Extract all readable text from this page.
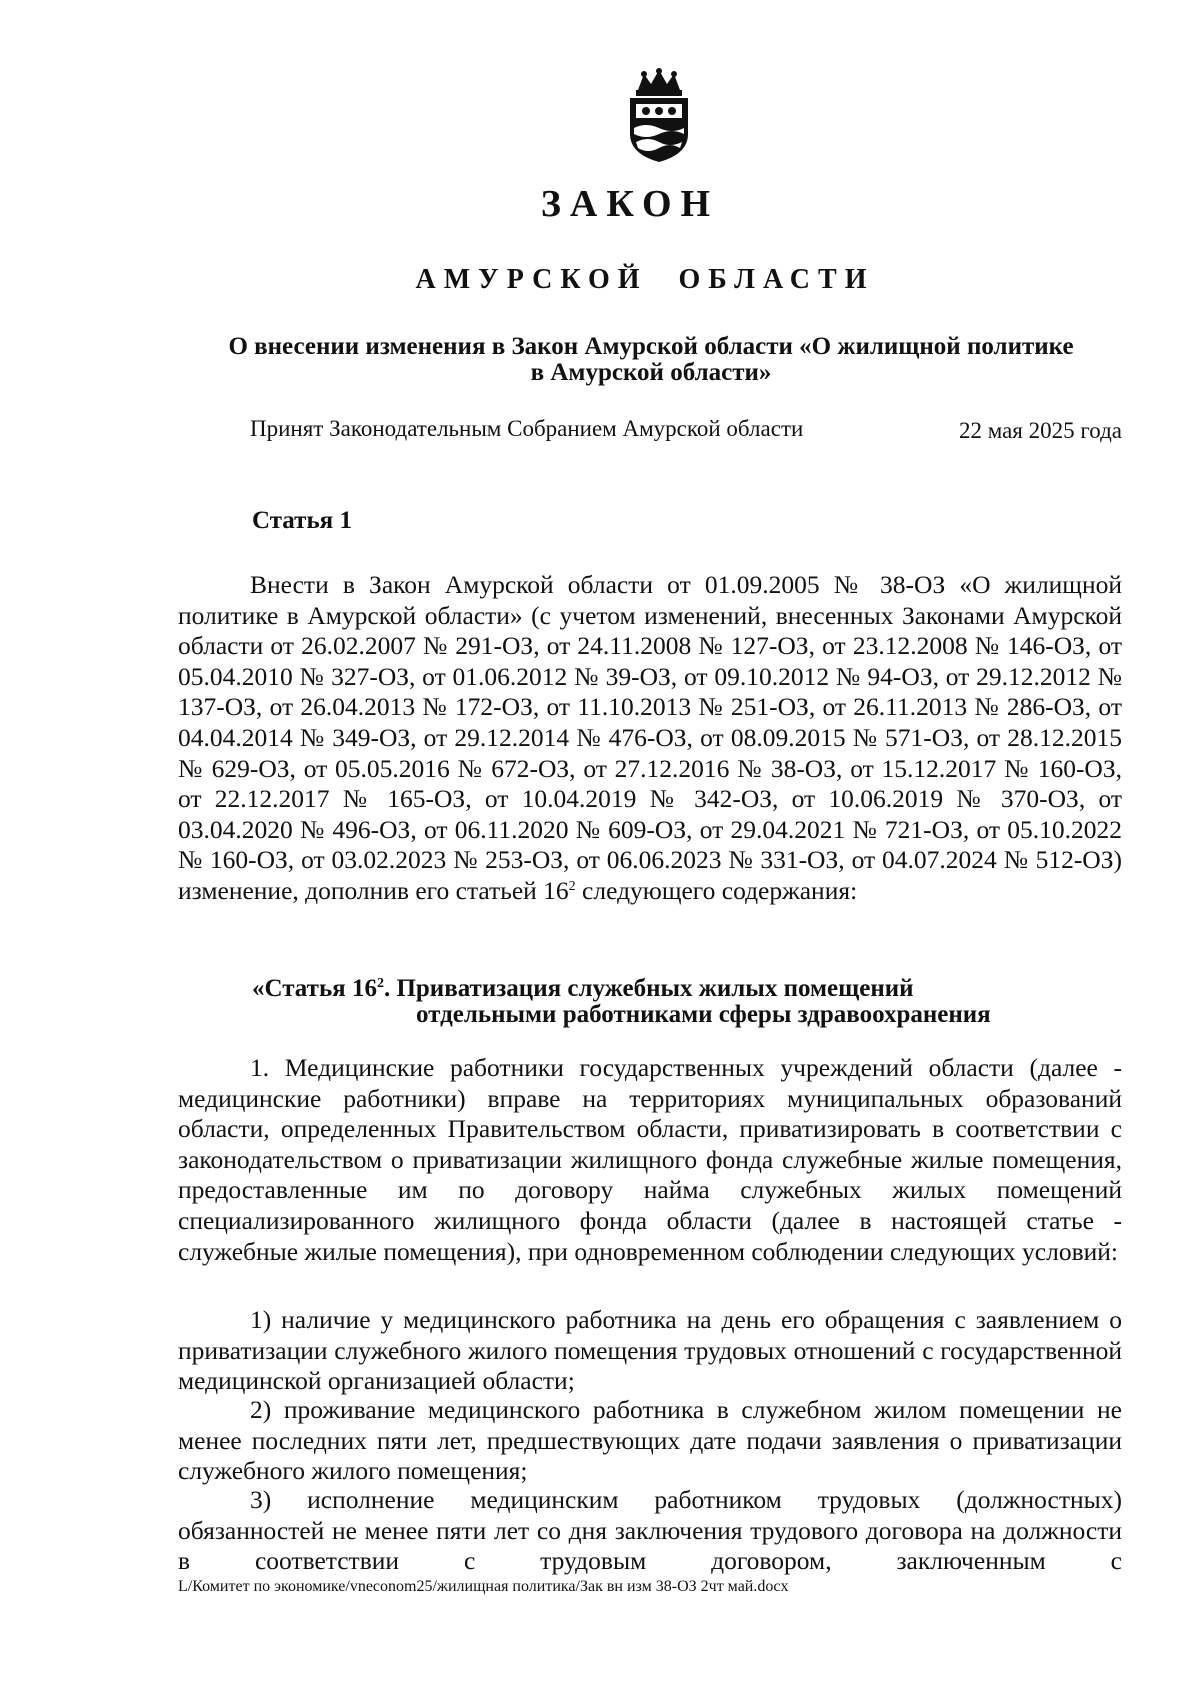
ЗАКОН
АМУРСКОЙ ОБЛАСТИ
О внесении изменения в Закон Амурской области «О жилищной политике
в Амурской области»
Принят Законодательным Собранием Амурской области	22 мая 2025 года
Статья 1
Внести в Закон Амурской области от 01.09.2005 № 38-ОЗ «О жилищной политике в Амурской области» (с учетом изменений, внесенных Законами Амурской области от 26.02.2007 № 291-ОЗ, от 24.11.2008 № 127-ОЗ, от 23.12.2008 № 146-ОЗ, от 05.04.2010 № 327-ОЗ, от 01.06.2012 № 39-ОЗ, от 09.10.2012 № 94-ОЗ, от 29.12.2012 № 137-ОЗ, от 26.04.2013 № 172-ОЗ, от 11.10.2013 № 251-ОЗ, от 26.11.2013 № 286-ОЗ, от 04.04.2014 № 349-ОЗ, от 29.12.2014 № 476-ОЗ, от 08.09.2015 № 571-ОЗ, от 28.12.2015 № 629-ОЗ, от 05.05.2016 № 672-ОЗ, от 27.12.2016 № 38-ОЗ, от 15.12.2017 № 160-ОЗ, от 22.12.2017 № 165-ОЗ, от 10.04.2019 № 342-ОЗ, от 10.06.2019 № 370-ОЗ, от 03.04.2020 № 496-ОЗ, от 06.11.2020 № 609-ОЗ, от 29.04.2021 № 721-ОЗ, от 05.10.2022 № 160-ОЗ, от 03.02.2023 № 253-ОЗ, от 06.06.2023 № 331-ОЗ, от 04.07.2024 № 512-ОЗ) изменение, дополнив его статьей $16^2$ следующего содержания:
«Статья $16^2$. Приватизация служебных жилых помещений
отдельными работниками сферы здравоохранения
1. Медицинские работники государственных учреждений области (далее - медицинские работники) вправе на территориях муниципальных образований области, определенных Правительством области, приватизировать в соответствии с законодательством о приватизации жилищного фонда служебные жилые помещения, предоставленные им по договору найма служебных жилых помещений специализированного жилищного фонда области (далее в настоящей статье - служебные жилые помещения), при одновременном соблюдении следующих условий:
1) наличие у медицинского работника на день его обращения с заявлением о приватизации служебного жилого помещения трудовых отношений с государственной медицинской организацией области;
2) проживание медицинского работника в служебном жилом помещении не менее последних пяти лет, предшествующих дате подачи заявления о приватизации служебного жилого помещения;
3) исполнение медицинским работником трудовых (должностных) обязанностей не менее пяти лет со дня заключения трудового договора на должности в соответствии с трудовым договором, заключенным с
L/Комитет по экономике/vneconom25/жилищная политика/Зак вн изм 38-ОЗ 2чт май.docx
